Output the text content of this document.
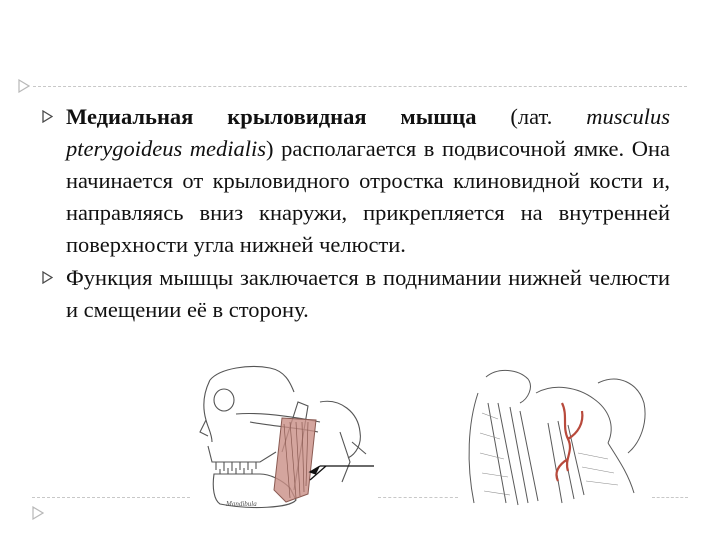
Медиальная крыловидная мышца (лат. musculus pterygoideus medialis) располагается в подвисочной ямке. Она начинается от крыловидного отростка клиновидной кости и, направляясь вниз кнаружи, прикрепляется на внутренней поверхности угла нижней челюсти.

Функция мышцы заключается в поднимании нижней челюсти и смещении её в сторону.

Mandibula
